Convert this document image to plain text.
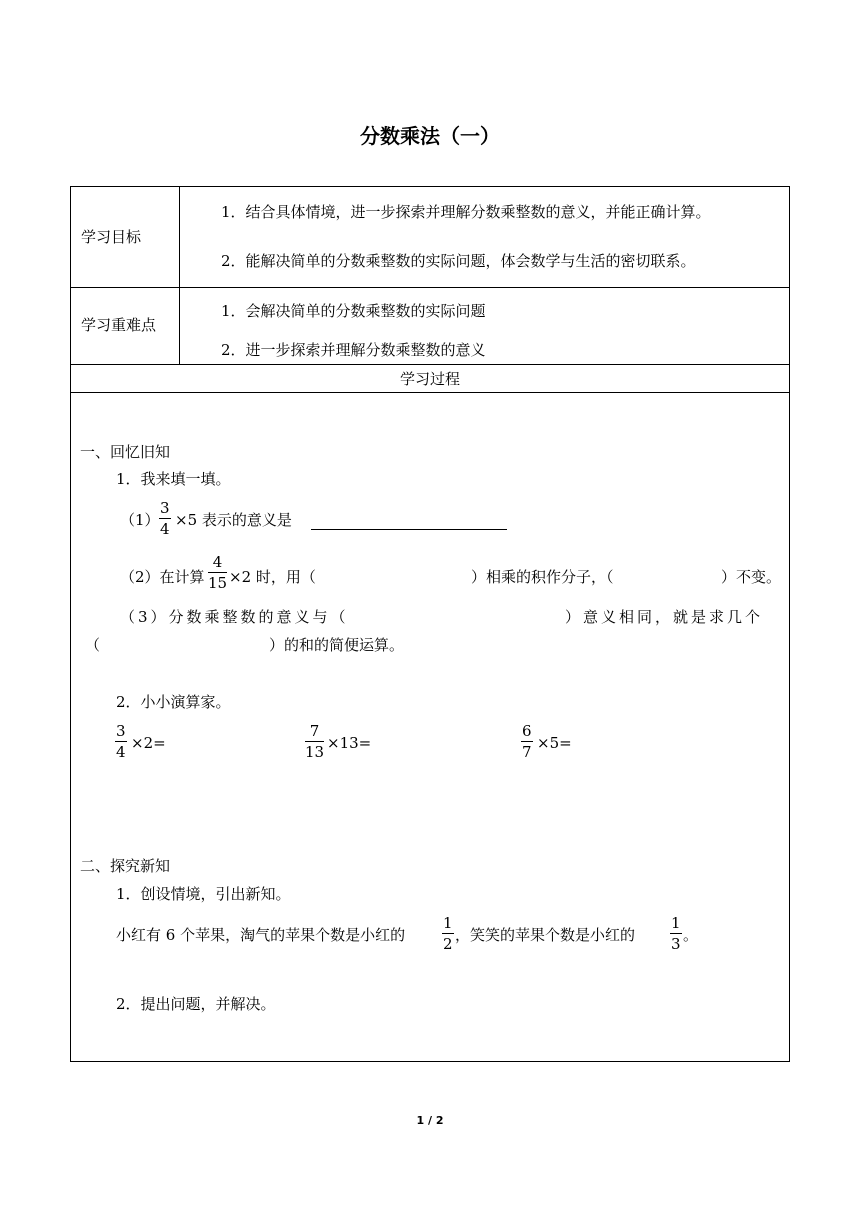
分数乘法（一）
学习目标
1．结合具体情境，进一步探索并理解分数乘整数的意义，并能正确计算。
2．能解决简单的分数乘整数的实际问题，体会数学与生活的密切联系。
学习重难点
1．会解决简单的分数乘整数的实际问题
2．进一步探索并理解分数乘整数的意义
学习过程
一、回忆旧知
1．我来填一填。
$(1) \frac{3}{4} \times 5$ 表示的意义是
（2）在计算 $\frac{4}{15} \times 2$ 时，用（	）相乘的积作分子，（	）不变。
（3）分数乘整数的意义与（	）意义相同，就是求几个
（	）的和的简便运算。
2．小小演算家。
$\frac{3}{4} \times 2=$	$\frac{7}{13} \times 13=$	$\frac{6}{7} \times 5=$
二、探究新知
1．创设情境，引出新知。
小红有 6 个苹果，淘气的苹果个数是小红的 $\frac{1}{2}$ ，笑笑的苹果个数是小红的 $\frac{1}{3}$ 。
2．提出问题，并解决。
1 / 2
